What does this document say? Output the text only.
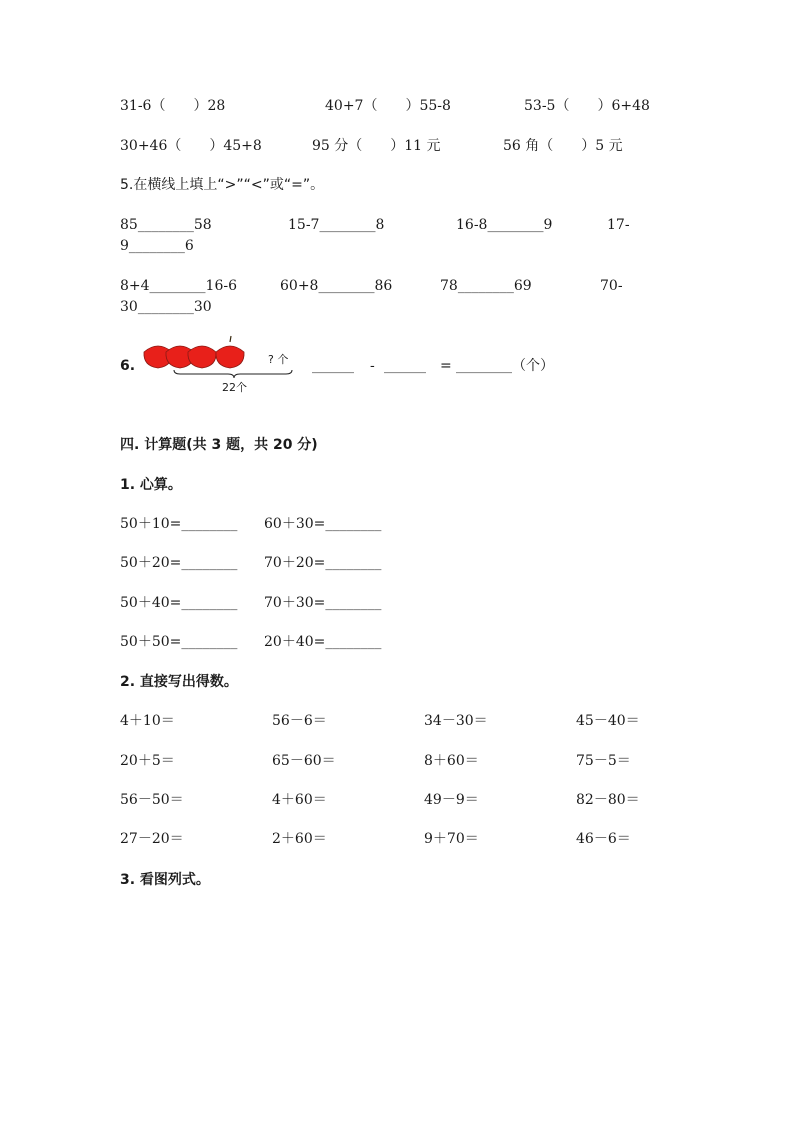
31-6（　　）28	40+7（　　）55-8	53-5（　　）6+48
30+46（　　）45+8	95 分（　　）11 元	56 角（　　）5 元
5.在横线上填上“>”“<”或“=”。
85________58	15-7________8	16-8________9	17-
9________6
8+4________16-6	60+8________86	78________69	70-
30________30
6.	? 个
22个
______ - ______ = ________（个）
四. 计算题(共 3 题，共 20 分)
1. 心算。
50＋10=________ 60＋30=________
50＋20=________ 70＋20=________
50＋40=________ 70＋30=________
50＋50=________ 20＋40=________
2. 直接写出得数。
4＋10＝	56－6＝	34－30＝	45－40＝
20＋5＝	65－60＝	8＋60＝	75－5＝
56－50＝	4＋60＝	49－9＝	82－80＝
27－20＝	2＋60＝	9＋70＝	46－6＝
3. 看图列式。
